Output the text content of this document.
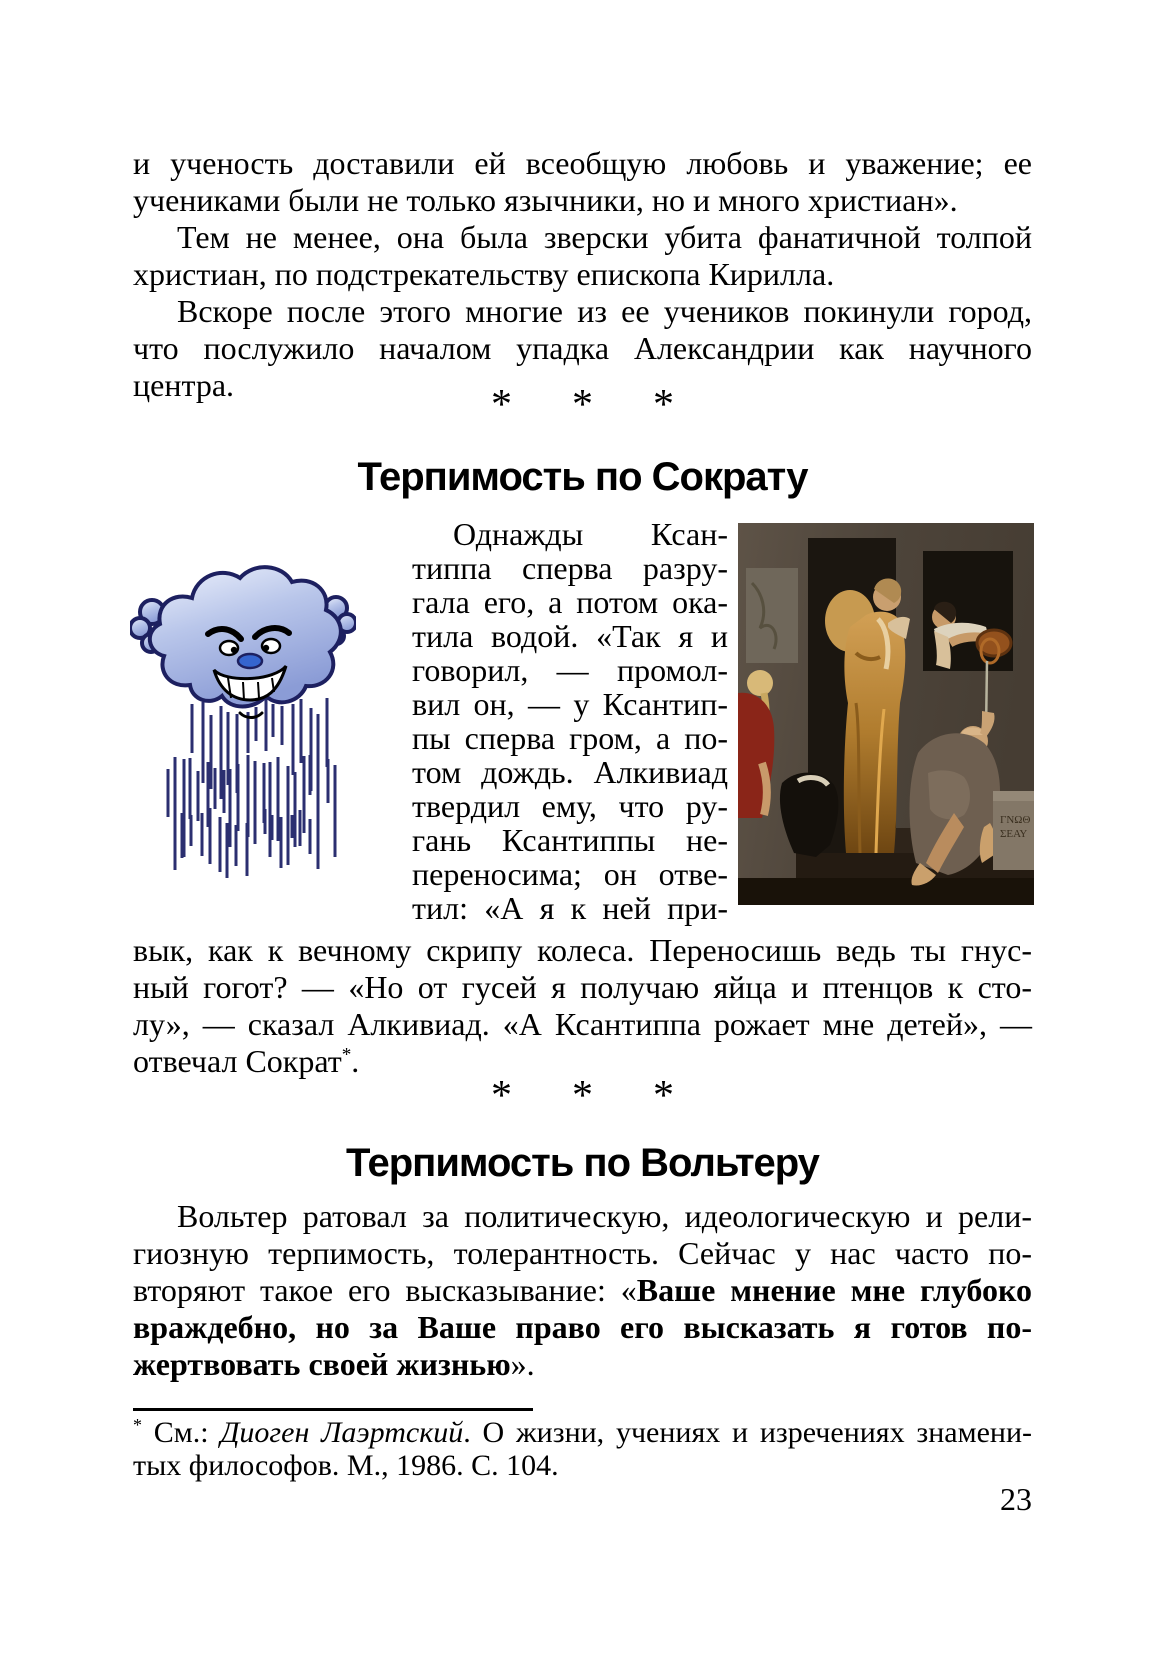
и ученость доставили ей всеобщую любовь и уважение; ее
учениками были не только язычники, но и много христиан».
Тем не менее, она была зверски убита фанатичной толпой
христиан, по подстрекательству епископа Кирилла.
Вскоре после этого многие из ее учеников покинули город,
что послужило началом упадка Александрии как научного
центра.	* * *
Терпимость по Сократу
Однажды Ксан-
типпа сперва разру-
гала его, а потом ока-
тила водой. «Так я и
говорил, — промол-
вил он, — у Ксантип-
пы сперва гром, а по-
том дождь. Алкивиад
твердил ему, что ру-
гань Ксантиппы не-
переносима; он отве-
тил: «А я к ней при-
ΓΝΩΘ
ΣΕΑΥ
вык, как к вечному скрипу колеса. Переносишь ведь ты гнус-
ный гогот? — «Но от гусей я получаю яйца и птенцов к сто-
лу», — сказал Алкивиад. «А Ксантиппа рожает мне детей», —
отвечал Сократ*.
* * *
Терпимость по Вольтеру
Вольтер ратовал за политическую, идеологическую и рели-
гиозную терпимость, толерантность. Сейчас у нас часто по-
вторяют такое его высказывание: «Ваше мнение мне глубоко
враждебно, но за Ваше право его высказать я готов по-
жертвовать своей жизнью».
* См.: Диоген Лаэртский. О жизни, учениях и изречениях знамени-
тых философов. М., 1986. С. 104.
23
